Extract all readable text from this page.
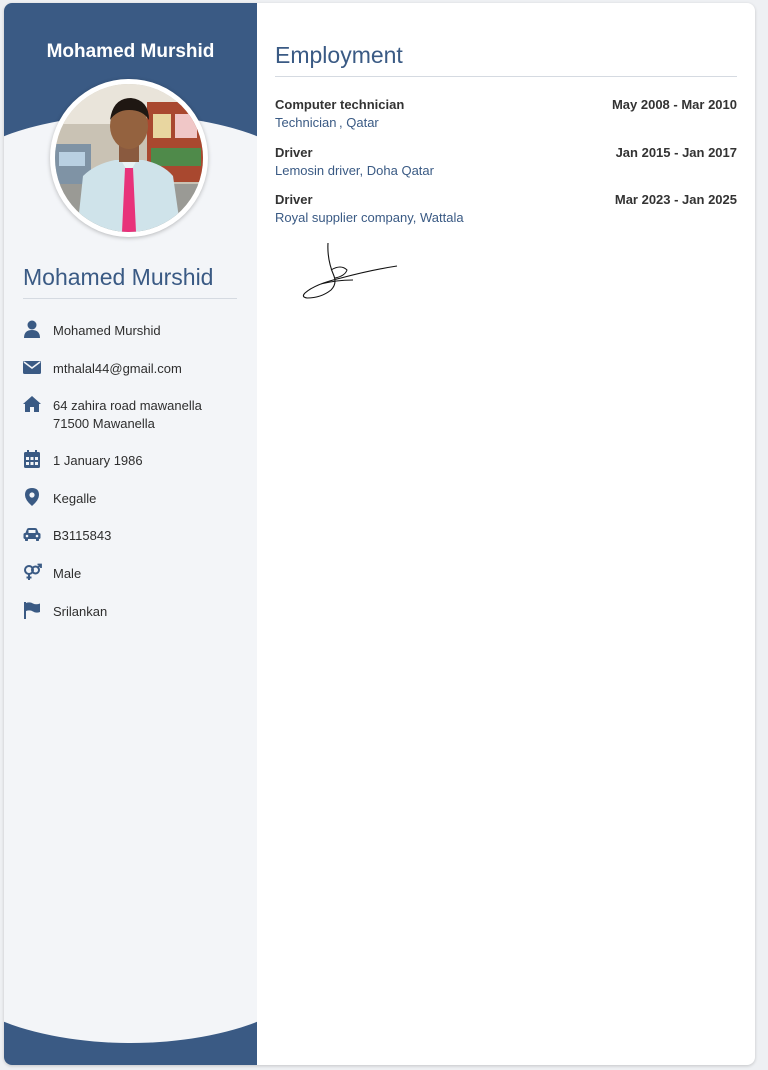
Mohamed Murshid
Mohamed Murshid
Mohamed Murshid
mthalal44@gmail.com
64 zahira road mawanella
71500 Mawanella
1 January 1986
Kegalle
B3115843
Male
Srilankan
Employment
Computer technician	May 2008 - Mar 2010
Technician , Qatar
Driver	Jan 2015 - Jan 2017
Lemosin driver, Doha Qatar
Driver	Mar 2023 - Jan 2025
Royal supplier company, Wattala
